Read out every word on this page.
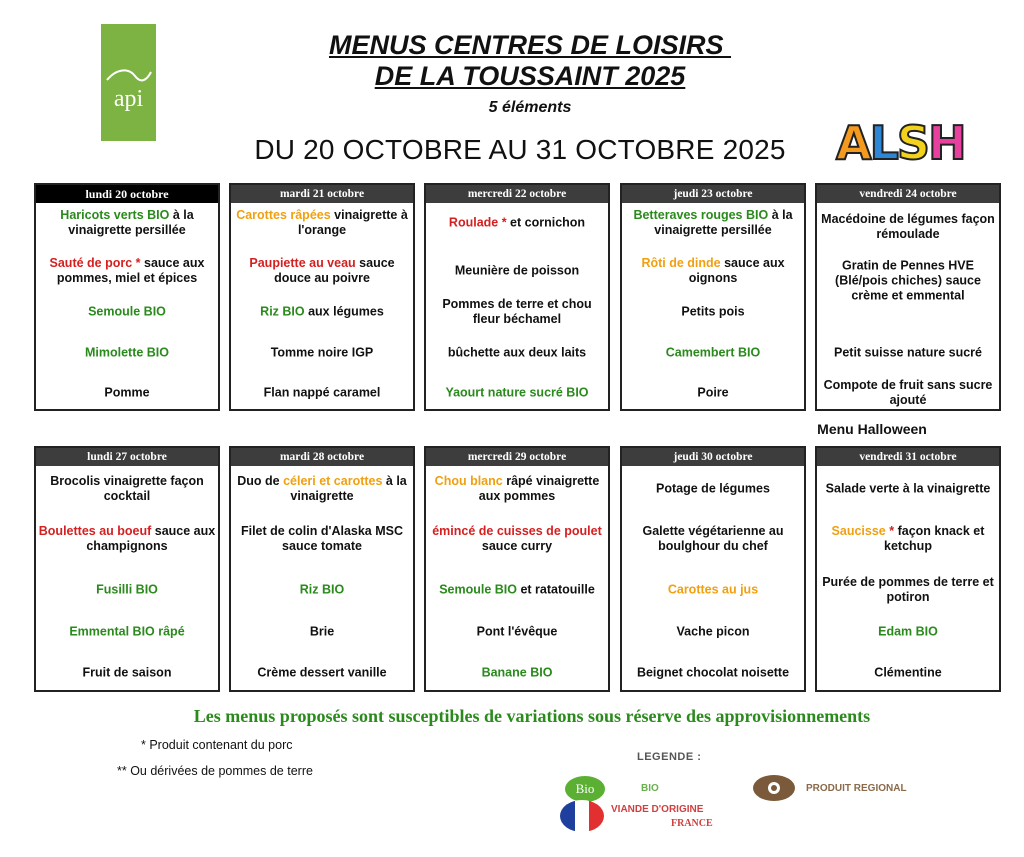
api
MENUS CENTRES DE LOISIRS
DE LA TOUSSAINT 2025
5 éléments
DU 20 OCTOBRE AU 31 OCTOBRE 2025	ALSH
lundi 20 octobre
Haricots verts BIO à la vinaigrette persillée
Sauté de porc * sauce aux pommes, miel et épices
Semoule BIO
Mimolette BIO
Pomme
mardi 21 octobre
Carottes râpées vinaigrette à l'orange
Paupiette au veau sauce douce au poivre
Riz BIO aux légumes
Tomme noire IGP
Flan nappé caramel
mercredi 22 octobre
Roulade * et cornichon
Meunière de poisson
Pommes de terre et chou fleur béchamel
bûchette aux deux laits
Yaourt nature sucré BIO
jeudi 23 octobre
Betteraves rouges BIO à la vinaigrette persillée
Rôti de dinde sauce aux oignons
Petits pois
Camembert BIO
Poire
vendredi 24 octobre
Macédoine de légumes façon rémoulade
Gratin de Pennes HVE (Blé/pois chiches) sauce crème et emmental
Petit suisse nature sucré
Compote de fruit sans sucre ajouté
lundi 27 octobre
Brocolis vinaigrette façon cocktail
Boulettes au boeuf sauce aux champignons
Fusilli BIO
Emmental BIO râpé
Fruit de saison
mardi 28 octobre
Duo de céleri et carottes à la vinaigrette
Filet de colin d'Alaska MSC sauce tomate
Riz BIO
Brie
Crème dessert vanille
mercredi 29 octobre
Chou blanc râpé vinaigrette aux pommes
émincé de cuisses de poulet sauce curry
Semoule BIO et ratatouille
Pont l'évêque
Banane BIO
jeudi 30 octobre
Potage de légumes
Galette végétarienne au boulghour du chef
Carottes au jus
Vache picon
Beignet chocolat noisette
vendredi 31 octobre
Salade verte à la vinaigrette
Saucisse * façon knack et ketchup
Purée de pommes de terre et potiron
Edam BIO
Clémentine
Menu Halloween
Les menus proposés sont susceptibles de variations sous réserve des approvisionnements
* Produit contenant du porc
** Ou dérivées de pommes de terre
LEGENDE :
Bio	BIO	PRODUIT REGIONAL
VIANDE D'ORIGINE
FRANCE
